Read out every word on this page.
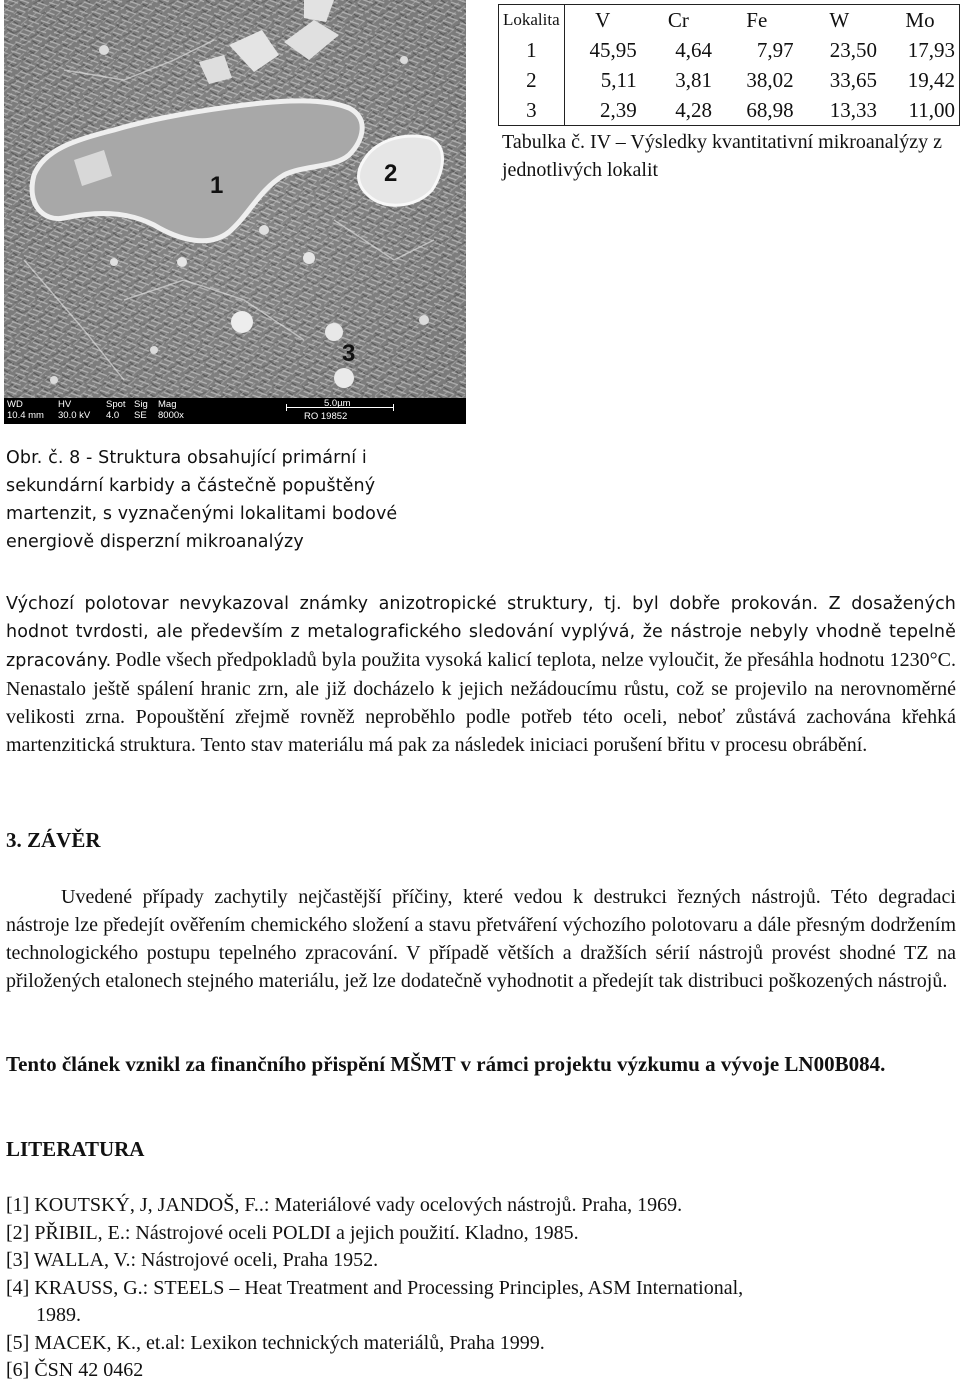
1	2
3
WD
10.4 mm
HV
30.0 kV
Spot
4.0
Sig
SE
Mag
8000x
5.0µm
RO 19852
Lokalita	V	Cr	Fe	W	Mo
1	45,95	4,64	7,97	23,50	17,93
2	5,11	3,81	38,02	33,65	19,42
3	2,39	4,28	68,98	13,33	11,00
Tabulka č. IV – Výsledky kvantitativní mikroanalýzy z jednotlivých lokalit
Obr. č. 8 - Struktura obsahující primární i sekundární karbidy a částečně popuštěný martenzit, s vyznačenými lokalitami bodové energiově disperzní mikroanalýzy
Výchozí polotovar nevykazoval známky anizotropické struktury, tj. byl dobře prokován. Z dosažených hodnot tvrdosti, ale především z metalografického sledování vyplývá, že nástroje nebyly vhodně tepelně zpracovány. Podle všech předpokladů byla použita vysoká kalicí teplota, nelze vyloučit, že přesáhla hodnotu 1230°C. Nenastalo ještě spálení hranic zrn, ale již docházelo k jejich nežádoucímu růstu, což se projevilo na nerovnoměrné velikosti zrna. Popouštění zřejmě rovněž neproběhlo podle potřeb této oceli, neboť zůstává zachována křehká martenzitická struktura. Tento stav materiálu má pak za následek iniciaci porušení břitu v procesu obrábění.
3. ZÁVĚR
Uvedené případy zachytily nejčastější příčiny, které vedou k destrukci řezných nástrojů. Této degradaci nástroje lze předejít ověřením chemického složení a stavu přetváření výchozího polotovaru a dále přesným dodržením technologického postupu tepelného zpracování. V případě větších a dražších sérií nástrojů provést shodné TZ na přiložených etalonech stejného materiálu, jež lze dodatečně vyhodnotit a předejít tak distribuci poškozených nástrojů.
Tento článek vznikl za finančního přispění MŠMT v rámci projektu výzkumu a vývoje LN00B084.
LITERATURA
[1] KOUTSKÝ, J, JANDOŠ, F..: Materiálové vady ocelových nástrojů. Praha, 1969.
[2] PŘIBIL, E.: Nástrojové oceli POLDI a jejich použití. Kladno, 1985.
[3] WALLA, V.: Nástrojové oceli, Praha 1952.
[4] KRAUSS, G.: STEELS – Heat Treatment and Processing Principles, ASM International,
1989.
[5] MACEK, K., et.al: Lexikon technických materiálů, Praha 1999.
[6] ČSN 42 0462
